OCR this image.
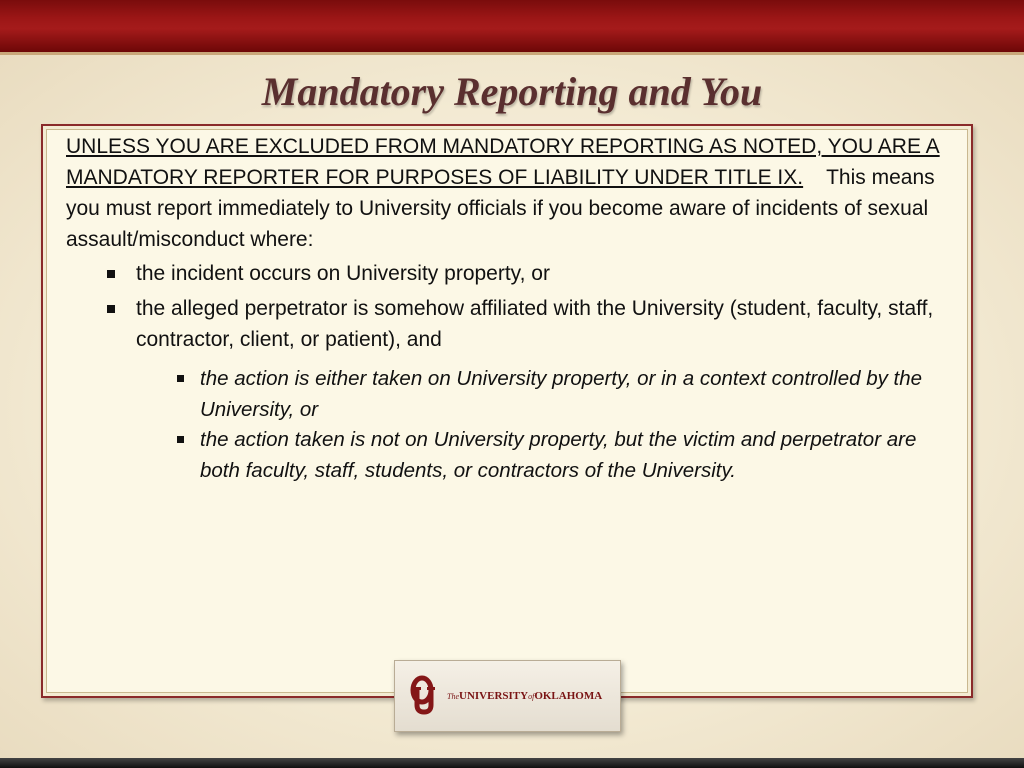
Mandatory Reporting and You

UNLESS YOU ARE EXCLUDED FROM MANDATORY REPORTING AS NOTED, YOU ARE A MANDATORY REPORTER FOR PURPOSES OF LIABILITY UNDER TITLE IX. This means you must report immediately to University officials if you become aware of incidents of sexual assault/misconduct where:

the incident occurs on University property, or
the alleged perpetrator is somehow affiliated with the University (student, faculty, staff, contractor, client, or patient), and
the action is either taken on University property, or in a context controlled by the University, or
the action taken is not on University property, but the victim and perpetrator are both faculty, staff, students, or contractors of the University.
TheUNIVERSITYofOKLAHOMA
